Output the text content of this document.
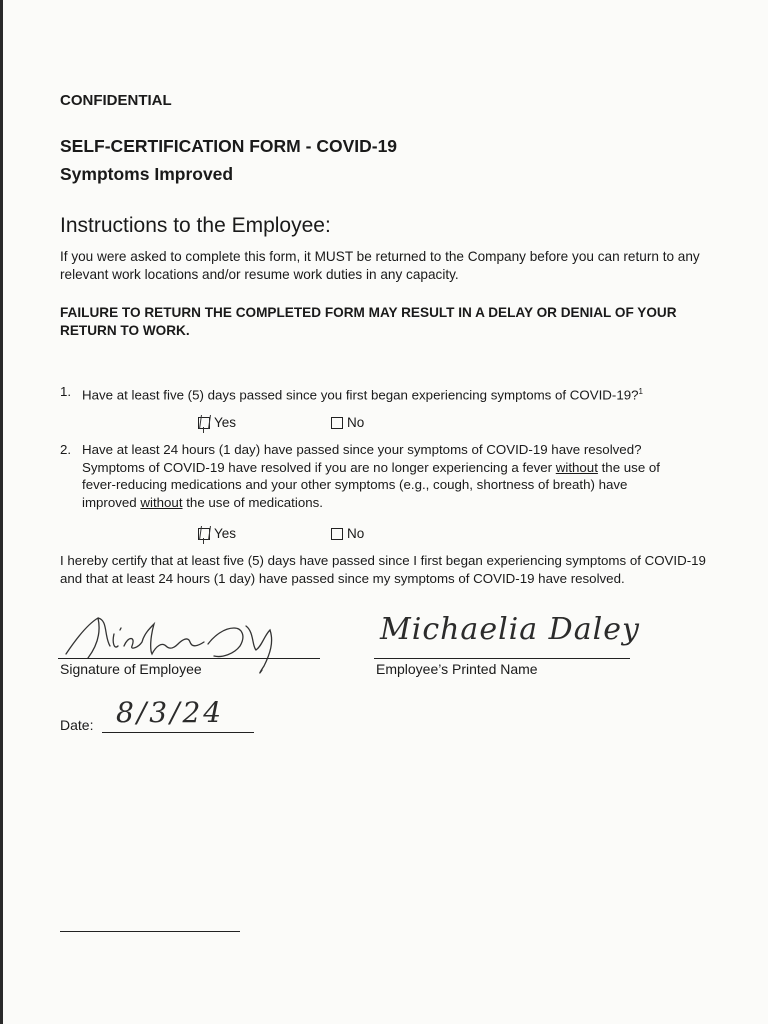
CONFIDENTIAL
SELF-CERTIFICATION FORM - COVID-19
Symptoms Improved
Instructions to the Employee:
If you were asked to complete this form, it MUST be returned to the Company before you can return to any relevant work locations and/or resume work duties in any capacity.
FAILURE TO RETURN THE COMPLETED FORM MAY RESULT IN A DELAY OR DENIAL OF YOUR RETURN TO WORK.
1. Have at least five (5) days passed since you first began experiencing symptoms of COVID-19?$^1$
Yes	No
2. Have at least 24 hours (1 day) have passed since your symptoms of COVID-19 have resolved? Symptoms of COVID-19 have resolved if you are no longer experiencing a fever without the use of fever-reducing medications and your other symptoms (e.g., cough, shortness of breath) have improved without the use of medications.
Yes	No
I hereby certify that at least five (5) days have passed since I first began experiencing symptoms of COVID-19 and that at least 24 hours (1 day) have passed since my symptoms of COVID-19 have resolved.
Signature of Employee
Michaelia Daley
Employee’s Printed Name
Date: 8/3/24
